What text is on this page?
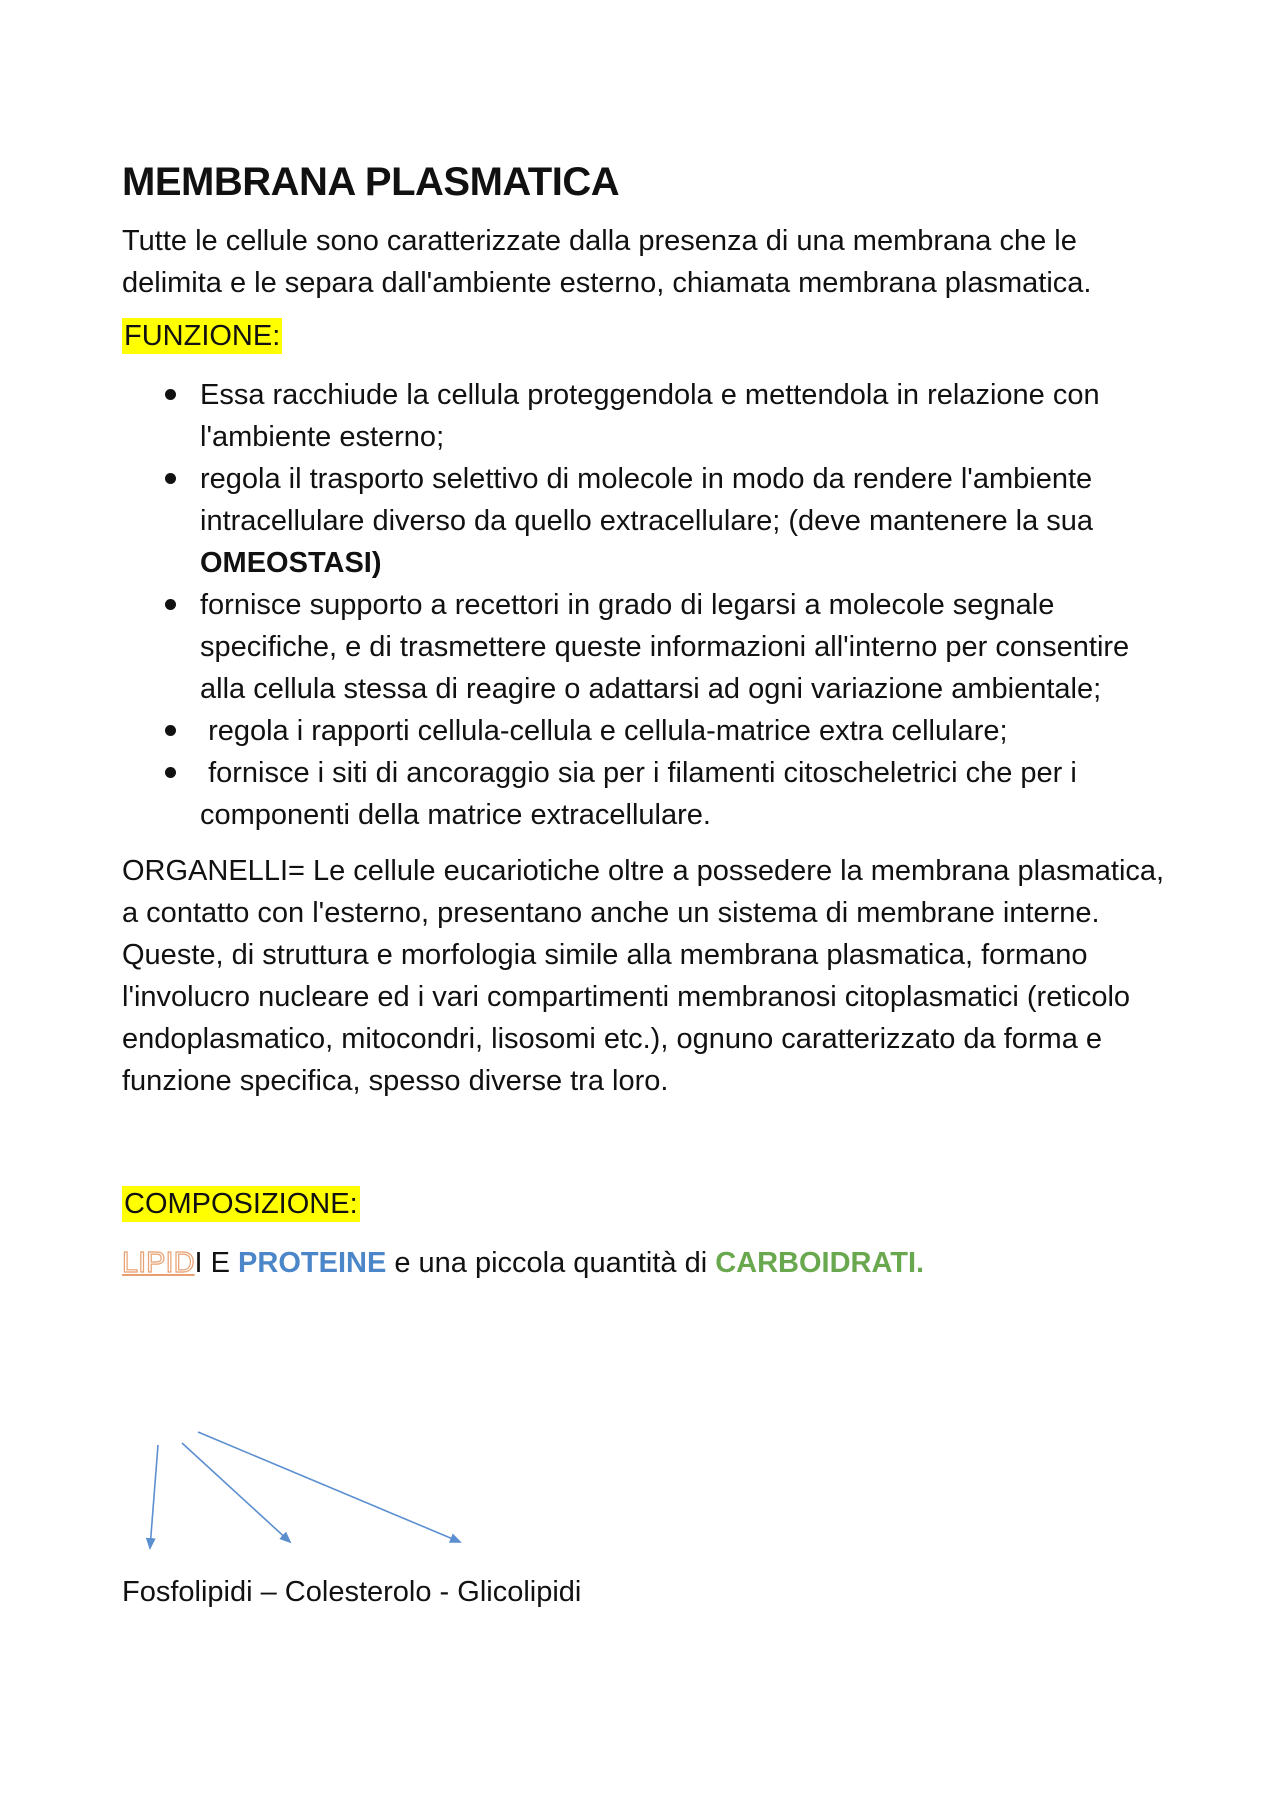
MEMBRANA PLASMATICA

Tutte le cellule sono caratterizzate dalla presenza di una membrana che le delimita e le separa dall'ambiente esterno, chiamata membrana plasmatica.

FUNZIONE:
Essa racchiude la cellula proteggendola e mettendola in relazione con l'ambiente esterno;
regola il trasporto selettivo di molecole in modo da rendere l'ambiente intracellulare diverso da quello extracellulare; (deve mantenere la sua OMEOSTASI)
fornisce supporto a recettori in grado di legarsi a molecole segnale specifiche, e di trasmettere queste informazioni all'interno per consentire alla cellula stessa di reagire o adattarsi ad ogni variazione ambientale;
regola i rapporti cellula-cellula e cellula-matrice extra cellulare;
fornisce i siti di ancoraggio sia per i filamenti citoscheletrici che per i componenti della matrice extracellulare.

ORGANELLI= Le cellule eucariotiche oltre a possedere la membrana plasmatica, a contatto con l'esterno, presentano anche un sistema di membrane interne. Queste, di struttura e morfologia simile alla membrana plasmatica, formano l'involucro nucleare ed i vari compartimenti membranosi citoplasmatici (reticolo endoplasmatico, mitocondri, lisosomi etc.), ognuno caratterizzato da forma e funzione specifica, spesso diverse tra loro.

COMPOSIZIONE:

LIPIDI E PROTEINE e una piccola quantità di CARBOIDRATI.

Fosfolipidi – Colesterolo - Glicolipidi
